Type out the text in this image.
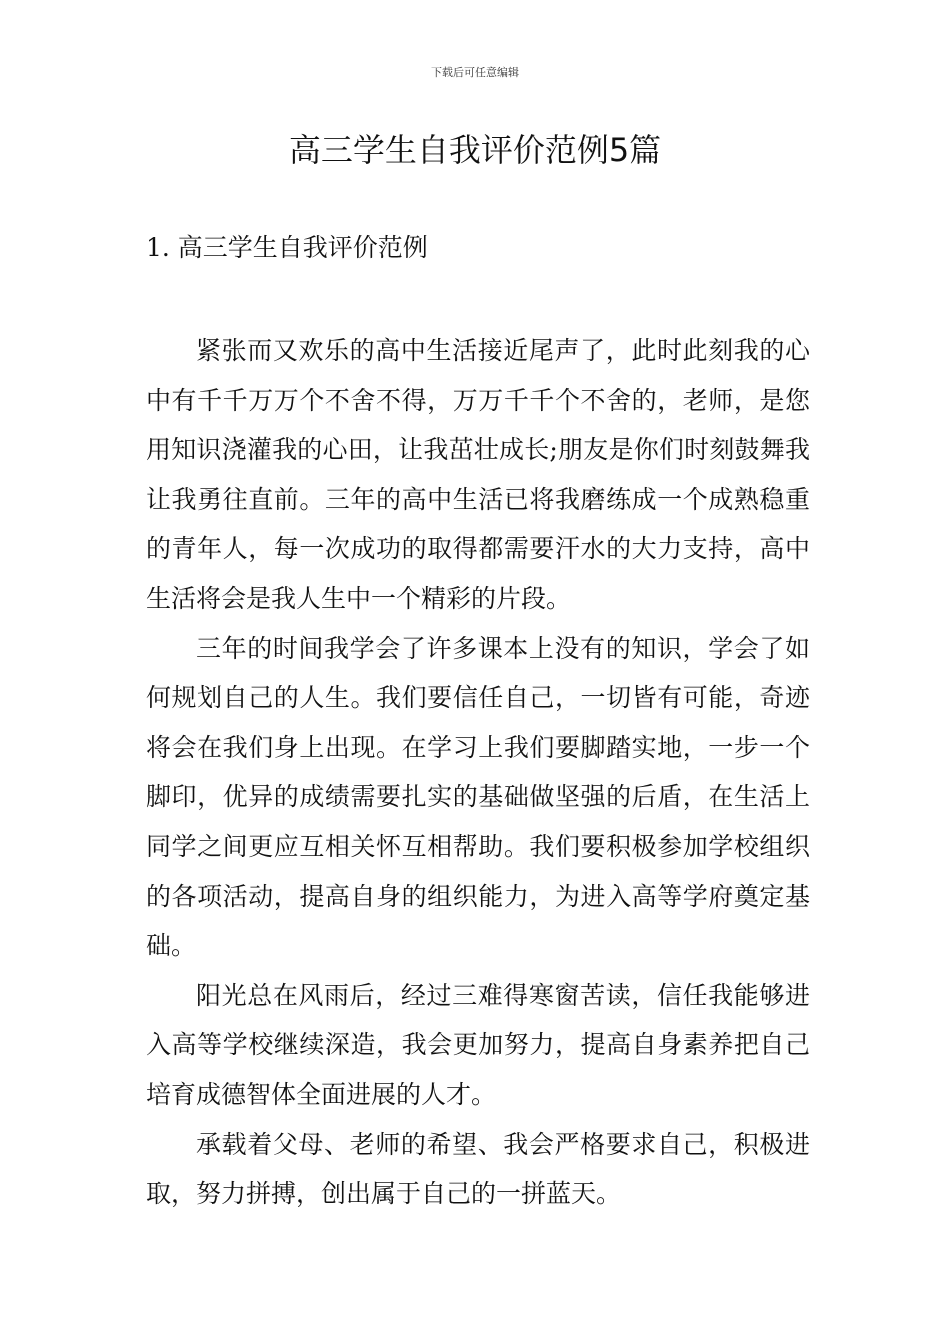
下载后可任意编辑
高三学生自我评价范例5篇
1. 高三学生自我评价范例

紧张而又欢乐的高中生活接近尾声了，此时此刻我的心中有千千万万个不舍不得，万万千千个不舍的，老师，是您用知识浇灌我的心田，让我茁壮成长;朋友是你们时刻鼓舞我让我勇往直前。三年的高中生活已将我磨练成一个成熟稳重的青年人，每一次成功的取得都需要汗水的大力支持，高中生活将会是我人生中一个精彩的片段。

三年的时间我学会了许多课本上没有的知识，学会了如何规划自己的人生。我们要信任自己，一切皆有可能，奇迹将会在我们身上出现。在学习上我们要脚踏实地，一步一个脚印，优异的成绩需要扎实的基础做坚强的后盾，在生活上同学之间更应互相关怀互相帮助。我们要积极参加学校组织的各项活动，提高自身的组织能力，为进入高等学府奠定基础。

阳光总在风雨后，经过三难得寒窗苦读，信任我能够进入高等学校继续深造，我会更加努力，提高自身素养把自己培育成德智体全面进展的人才。

承载着父母、老师的希望、我会严格要求自己，积极进取，努力拼搏，创出属于自己的一拼蓝天。
